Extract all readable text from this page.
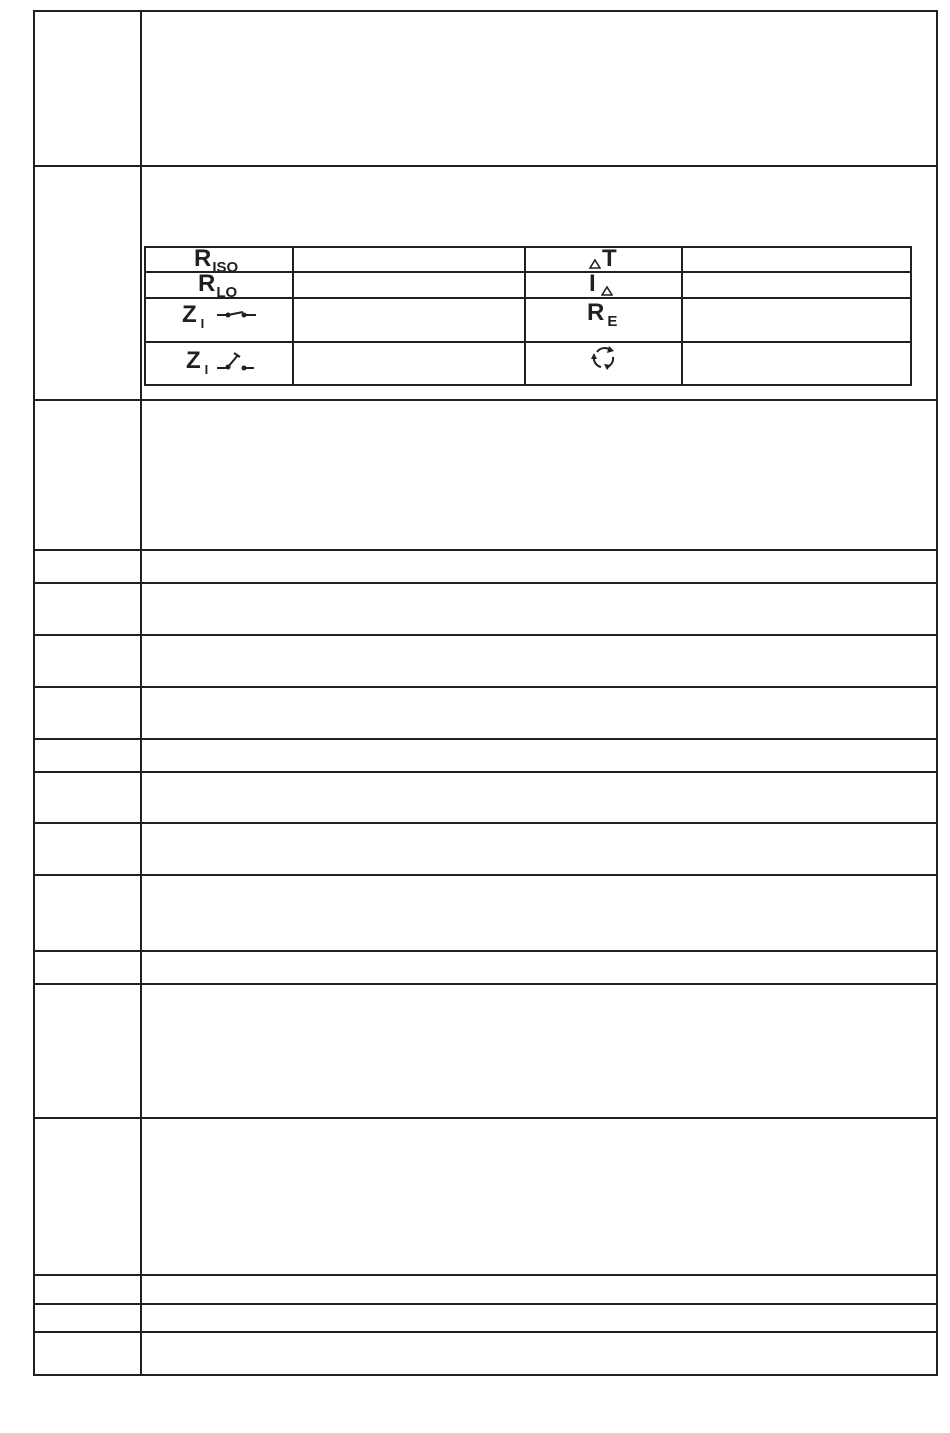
RISO
RLO
Z $_I$
Z $_I$
T
I
R E
